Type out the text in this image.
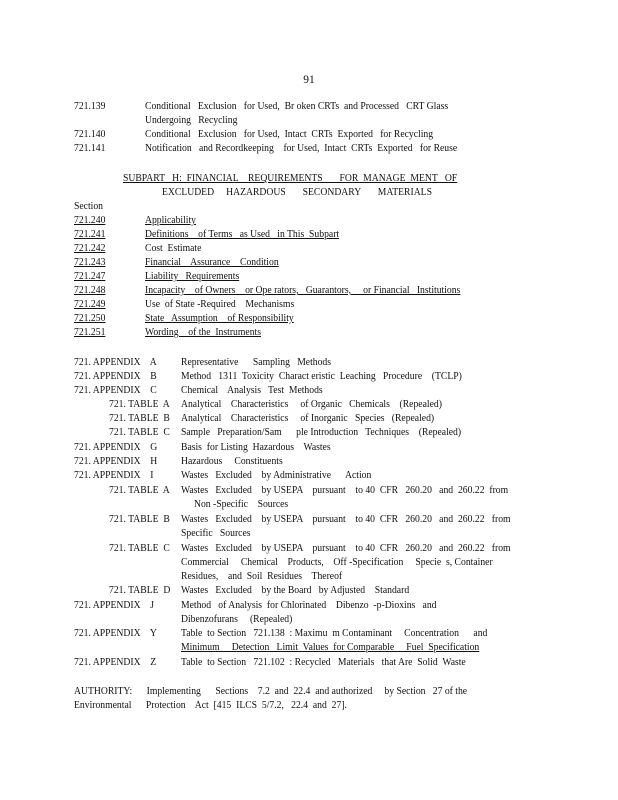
91
721.139	Conditional   Exclusion   for Used,  Br oken CRTs  and Processed   CRT Glass
Undergoing   Recycling
721.140	Conditional   Exclusion   for Used,  Intact  CRTs  Exported   for Recycling
721.141	Notification   and Recordkeeping    for Used,  Intact  CRTs  Exported   for Reuse
SUBPART   H:  FINANCIAL    REQUIREMENTS       FOR  MANAGE  MENT   OF
EXCLUDED     HAZARDOUS       SECONDARY       MATERIALS
Section
721.240	Applicability
721.241	Definitions    of Terms   as Used   in This  Subpart
721.242	Cost  Estimate
721.243	Financial    Assurance    Condition
721.247	Liability   Requirements
721.248	Incapacity    of Owners    or Ope rators,   Guarantors,     or Financial   Institutions
721.249	Use  of State -Required    Mechanisms
721.250	State   Assumption    of Responsibility
721.251	Wording    of the  Instruments
721. APPENDIX    A Representative      Sampling   Methods
721. APPENDIX    B Method   1311  Toxicity  Charact eristic  Leaching   Procedure    (TCLP)
721. APPENDIX    C Chemical    Analysis   Test  Methods
721. TABLE  A Analytical    Characteristics     of Organic   Chemicals    (Repealed)
721. TABLE  B Analytical    Characteristics     of Inorganic   Species   (Repealed)
721. TABLE  C Sample   Preparation/Sam      ple Introduction   Techniques    (Repealed)
721. APPENDIX    G Basis  for Listing  Hazardous    Wastes
721. APPENDIX    H Hazardous     Constituents
721. APPENDIX    I	Wastes   Excluded    by Administrative      Action
721. TABLE  A Wastes   Excluded    by USEPA    pursuant    to 40  CFR   260.20   and  260.22  from
Non -Specific    Sources
721. TABLE  B Wastes   Excluded    by USEPA    pursuant    to 40  CFR   260.20   and  260.22   from
Specific   Sources
721. TABLE  C Wastes   Excluded    by USEPA    pursuant    to 40  CFR   260.20   and  260.22   from
Commercial     Chemical    Products,    Off -Specification     Specie  s, Container
Residues,    and  Soil  Residues    Thereof
721. TABLE  D Wastes   Excluded    by the Board   by Adjusted    Standard
721. APPENDIX    J	Method   of Analysis  for Chlorinated    Dibenzo  -p-Dioxins   and
Dibenzofurans     (Repealed)
721. APPENDIX    Y Table  to Section   721.138  : Maximu  m Contaminant     Concentration      and
Minimum     Detection   Limit  Values  for Comparable     Fuel  Specification
721. APPENDIX    Z Table  to Section   721.102  : Recycled   Materials   that Are  Solid  Waste
AUTHORITY:      Implementing      Sections    7.2  and  22.4  and authorized     by Section   27 of the
Environmental      Protection    Act  [415  ILCS  5/7.2,   22.4  and  27].
